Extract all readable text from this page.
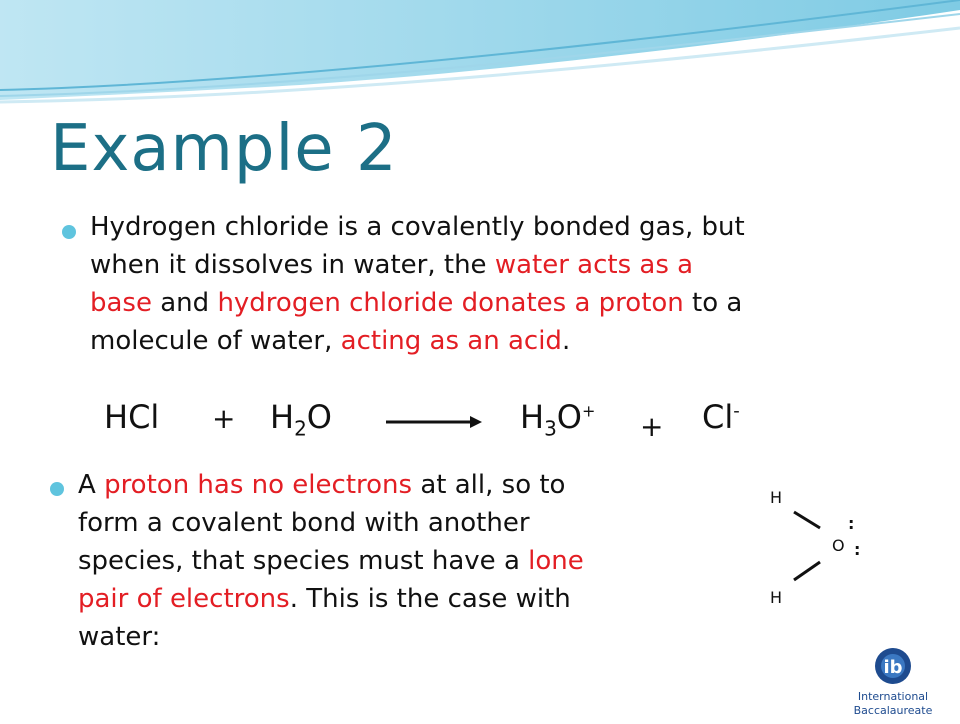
Example 2
Hydrogen chloride is a covalently bonded gas, but
when it dissolves in water, the water acts as a
base and hydrogen chloride donates a proton to a
molecule of water, acting as an acid.
HCl + $H_2O$	$H_3O^+ + Cl^-$
A proton has no electrons at all, so to
form a covalent bond with another
species, that species must have a lone
pair of electrons. This is the case with
water:
H
O
H
:
:
ib
International
Baccalaureate
